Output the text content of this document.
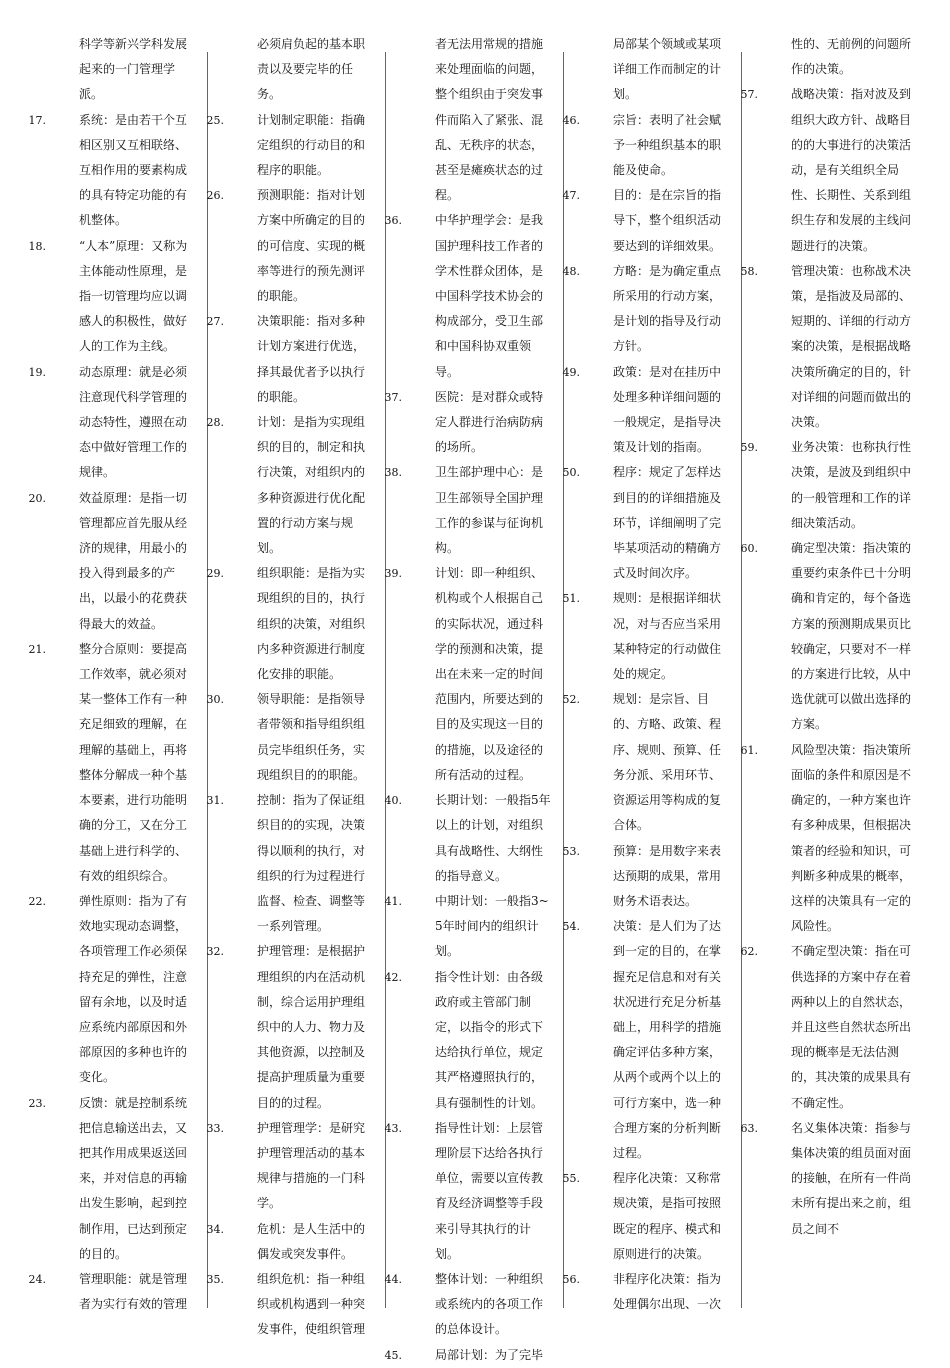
科学等新兴学科发展起来的一门管理学派。
17.	系统：是由若干个互相区别又互相联络、互相作用的要素构成的具有特定功能的有机整体。
18.	“人本”原理：又称为主体能动性原理，是指一切管理均应以调感人的积极性，做好人的工作为主线。
19.	动态原理：就是必须注意现代科学管理的动态特性，遵照在动态中做好管理工作的规律。
20.	效益原理：是指一切管理都应首先服从经济的规律，用最小的投入得到最多的产出，以最小的花费获得最大的效益。
21.	整分合原则：要提高工作效率，就必须对某一整体工作有一种充足细致的理解，在理解的基础上，再将整体分解成一种个基本要素，进行功能明确的分工，又在分工基础上进行科学的、有效的组织综合。
22.	弹性原则：指为了有效地实现动态调整，各项管理工作必须保持充足的弹性，注意留有余地，以及时适应系统内部原因和外部原因的多种也许的变化。
23.	反馈：就是控制系统把信息输送出去，又把其作用成果返送回来，并对信息的再输出发生影响，起到控制作用，已达到预定的目的。
24.	管理职能：就是管理者为实行有效的管理
必须肩负起的基本职责以及要完毕的任务。
25.	计划制定职能：指确定组织的行动目的和程序的职能。
26.	预测职能：指对计划方案中所确定的目的的可信度、实现的概率等进行的预先测评的职能。
27.	决策职能：指对多种计划方案进行优选，择其最优者予以执行的职能。
28.	计划：是指为实现组织的目的，制定和执行决策，对组织内的多种资源进行优化配置的行动方案与规划。
29.	组织职能：是指为实现组织的目的，执行组织的决策，对组织内多种资源进行制度化安排的职能。
30.	领导职能：是指领导者带领和指导组织组员完毕组织任务，实现组织目的的职能。
31.	控制：指为了保证组织目的的实现，决策得以顺利的执行，对组织的行为过程进行监督、检查、调整等一系列管理。
32.	护理管理：是根据护理组织的内在活动机制，综合运用护理组织中的人力、物力及其他资源，以控制及提高护理质量为重要目的的过程。
33.	护理管理学：是研究护理管理活动的基本规律与措施的一门科学。
34.	危机：是人生活中的偶发或突发事件。
35.	组织危机：指一种组织或机构遇到一种突发事件，使组织管理
者无法用常规的措施来处理面临的问题，整个组织由于突发事件而陷入了紧张、混乱、无秩序的状态，甚至是瘫痪状态的过程。
36.	中华护理学会：是我国护理科技工作者的学术性群众团体，是中国科学技术协会的构成部分，受卫生部和中国科协双重领导。
37.	医院：是对群众或特定人群进行治病防病的场所。
38.	卫生部护理中心：是卫生部领导全国护理工作的参谋与征询机构。
39.	计划：即一种组织、机构或个人根据自己的实际状况，通过科学的预测和决策，提出在未来一定的时间范围内，所要达到的目的及实现这一目的的措施，以及途径的所有活动的过程。
40.	长期计划：一般指5年以上的计划，对组织具有战略性、大纲性的指导意义。
41.	中期计划：一般指3~5年时间内的组织计划。
42.	指令性计划：由各级政府或主管部门制定，以指令的形式下达给执行单位，规定其严格遵照执行的，具有强制性的计划。
43.	指导性计划：上层管理阶层下达给各执行单位，需要以宣传教育及经济调整等手段来引导其执行的计划。
44.	整体计划：一种组织或系统内的各项工作的总体设计。
45.	局部计划：为了完毕
局部某个领域或某项详细工作而制定的计划。
46.	宗旨：表明了社会赋予一种组织基本的职能及使命。
47.	目的：是在宗旨的指导下，整个组织活动要达到的详细效果。
48.	方略：是为确定重点所采用的行动方案，是计划的指导及行动方针。
49.	政策：是对在挂历中处理多种详细问题的一般规定，是指导决策及计划的指南。
50.	程序：规定了怎样达到目的的详细措施及环节，详细阐明了完毕某项活动的精确方式及时间次序。
51.	规则：是根据详细状况，对与否应当采用某种特定的行动做住处的规定。
52.	规划：是宗旨、目的、方略、政策、程序、规则、预算、任务分派、采用环节、资源运用等构成的复合体。
53.	预算：是用数字来表达预期的成果，常用财务术语表达。
54.	决策：是人们为了达到一定的目的，在掌握充足信息和对有关状况进行充足分析基础上，用科学的措施确定评估多种方案，从两个或两个以上的可行方案中，选一种合理方案的分析判断过程。
55.	程序化决策：又称常规决策，是指可按照既定的程序、模式和原则进行的决策。
56.	非程序化决策：指为处理偶尔出现、一次
性的、无前例的问题所作的决策。
57.	战略决策：指对波及到组织大政方针、战略目的的大事进行的决策活动，是有关组织全局性、长期性、关系到组织生存和发展的主线问题进行的决策。
58.	管理决策：也称战术决策，是指波及局部的、短期的、详细的行动方案的决策，是根据战略决策所确定的目的，针对详细的问题而做出的决策。
59.	业务决策：也称执行性决策，是波及到组织中的一般管理和工作的详细决策活动。
60.	确定型决策：指决策的重要约束条件已十分明确和肯定的，每个备选方案的预测期成果页比较确定，只要对不一样的方案进行比较，从中选优就可以做出选择的方案。
61.	风险型决策：指决策所面临的条件和原因是不确定的，一种方案也许有多种成果，但根据决策者的经验和知识，可判断多种成果的概率，这样的决策具有一定的风险性。
62.	不确定型决策：指在可供选择的方案中存在着两种以上的自然状态，并且这些自然状态所出现的概率是无法估测的，其决策的成果具有不确定性。
63.	名义集体决策：指参与集体决策的组员面对面的接触，在所有一件尚未所有提出来之前，组员之间不
